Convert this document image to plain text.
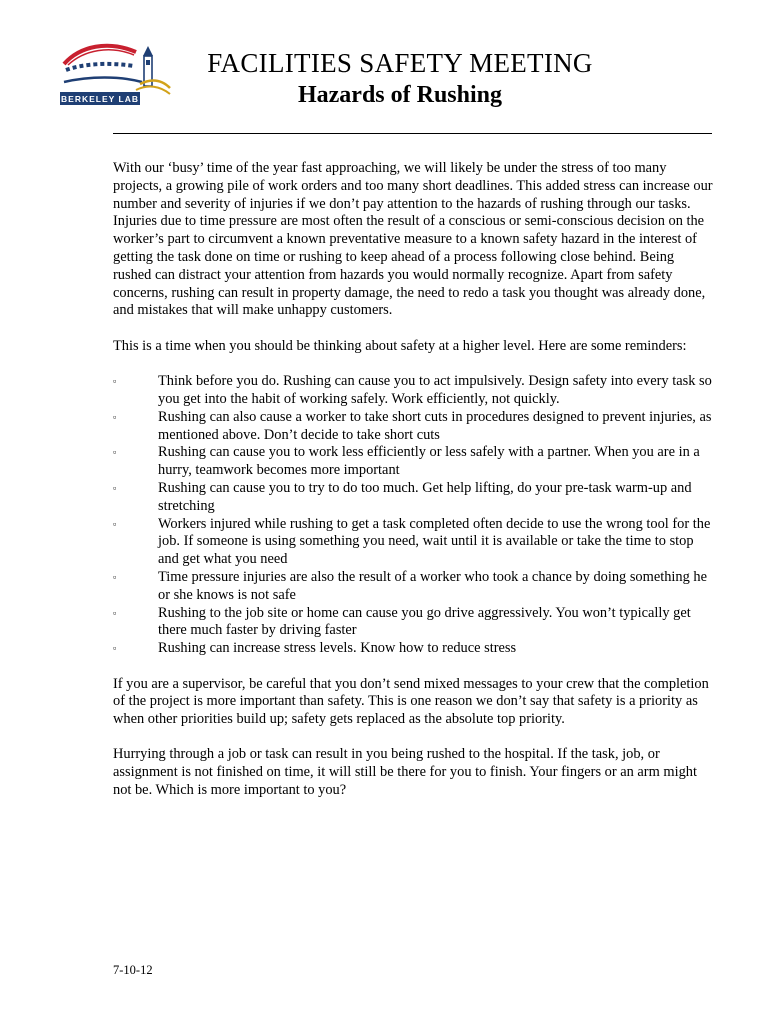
BERKELEY LAB
FACILITIES SAFETY MEETING
Hazards of Rushing

With our ‘busy’ time of the year fast approaching, we will likely be under the stress of too many projects, a growing pile of work orders and too many short deadlines. This added stress can increase our number and severity of injuries if we don’t pay attention to the hazards of rushing through our tasks. Injuries due to time pressure are most often the result of a conscious or semi-conscious decision on the worker’s part to circumvent a known preventative measure to a known safety hazard in the interest of getting the task done on time or rushing to keep ahead of a process following close behind. Being rushed can distract your attention from hazards you would normally recognize. Apart from safety concerns, rushing can result in property damage, the need to redo a task you thought was already done, and mistakes that will make unhappy customers.

This is a time when you should be thinking about safety at a higher level. Here are some reminders:

▫	Think before you do. Rushing can cause you to act impulsively. Design safety into every task so you get into the habit of working safely. Work efficiently, not quickly.
▫	Rushing can also cause a worker to take short cuts in procedures designed to prevent injuries, as mentioned above. Don’t decide to take short cuts
▫	Rushing can cause you to work less efficiently or less safely with a partner. When you are in a hurry, teamwork becomes more important
▫	Rushing can cause you to try to do too much. Get help lifting, do your pre-task warm-up and stretching
▫	Workers injured while rushing to get a task completed often decide to use the wrong tool for the job. If someone is using something you need, wait until it is available or take the time to stop and get what you need
▫	Time pressure injuries are also the result of a worker who took a chance by doing something he or she knows is not safe
▫	Rushing to the job site or home can cause you go drive aggressively. You won’t typically get there much faster by driving faster
▫	Rushing can increase stress levels. Know how to reduce stress

If you are a supervisor, be careful that you don’t send mixed messages to your crew that the completion of the project is more important than safety. This is one reason we don’t say that safety is a priority as when other priorities build up; safety gets replaced as the absolute top priority.

Hurrying through a job or task can result in you being rushed to the hospital. If the task, job, or assignment is not finished on time, it will still be there for you to finish. Your fingers or an arm might not be. Which is more important to you?

7-10-12
